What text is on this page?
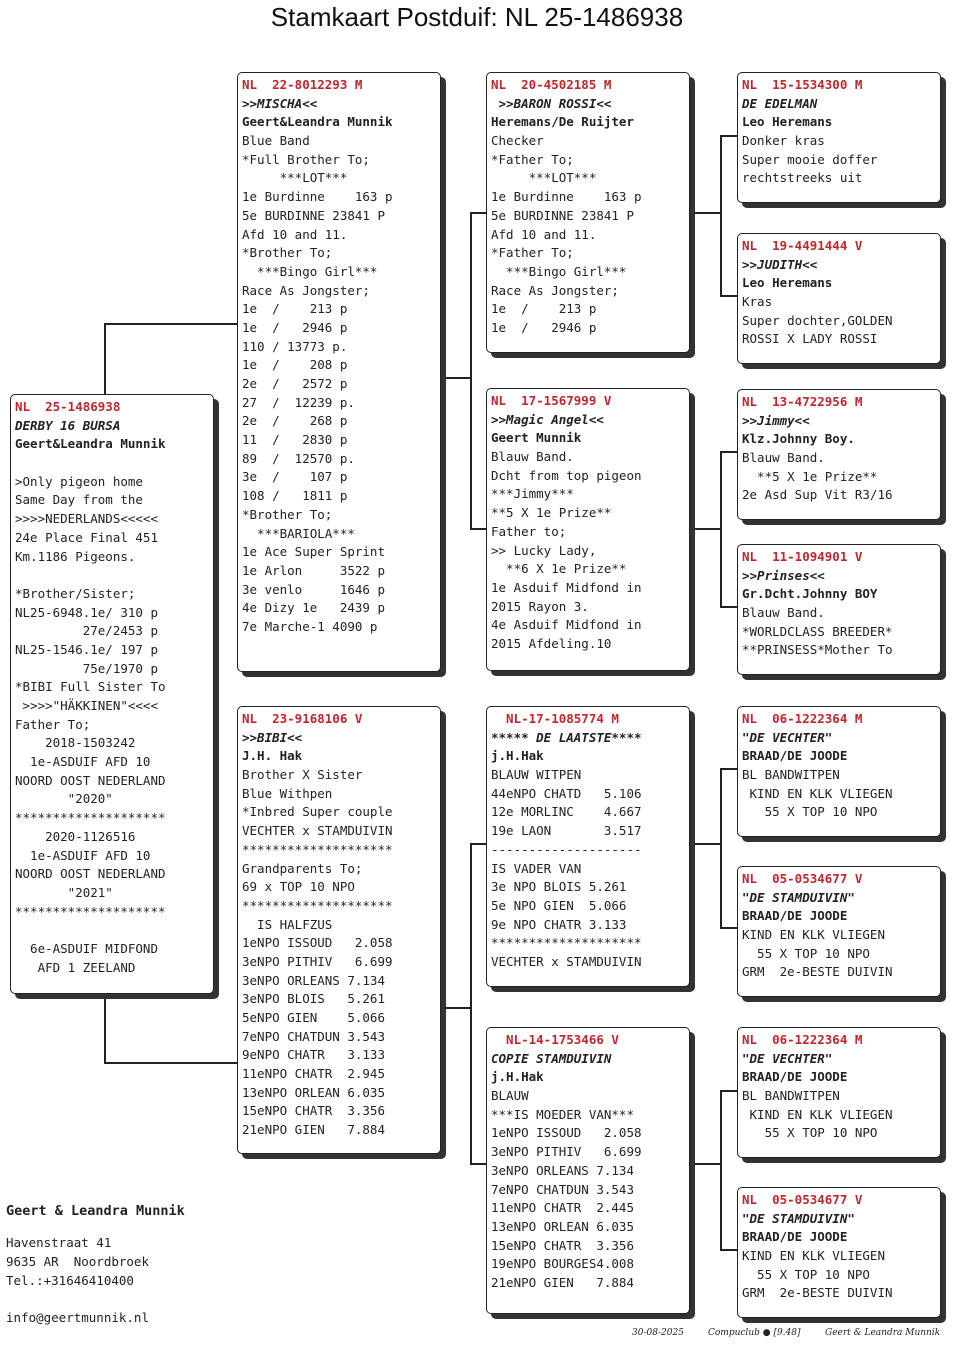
Stamkaart Postduif: NL 25-1486938
NL  25-1486938
DERBY 16 BURSA
Geert&Leandra Munnik
>Only pigeon home
Same Day from the
>>>>NEDERLANDS<<<<<
24e Place Final 451
Km.1186 Pigeons.
*Brother/Sister;
NL25-6948.1e/ 310 p
27e/2453 p
NL25-1546.1e/ 197 p
75e/1970 p
*BIBI Full Sister To
>>>>"HÄKKINEN"<<<<
Father To;
2018-1503242
1e-ASDUIF AFD 10
NOORD OOST NEDERLAND
"2020"
********************
2020-1126516
1e-ASDUIF AFD 10
NOORD OOST NEDERLAND
"2021"
********************
6e-ASDUIF MIDFOND
AFD 1 ZEELAND
NL  22-8012293 M
>>MISCHA<<
Geert&Leandra Munnik
Blue Band
*Full Brother To;
***LOT***
1e Burdinne    163 p
5e BURDINNE 23841 P
Afd 10 and 11.
*Brother To;
***Bingo Girl***
Race As Jongster;
1e  /    213 p
1e  /   2946 p
110 / 13773 p.
1e  /    208 p
2e  /   2572 p
27  /  12239 p.
2e  /    268 p
11  /   2830 p
89  /  12570 p.
3e  /    107 p
108 /   1811 p
*Brother To;
***BARIOLA***
1e Ace Super Sprint
1e Arlon     3522 p
3e venlo     1646 p
4e Dizy 1e   2439 p
7e Marche-1 4090 p
NL  23-9168106 V
>>BIBI<<
J.H. Hak
Brother X Sister
Blue Withpen
*Inbred Super couple
VECHTER x STAMDUIVIN
********************
Grandparents To;
69 x TOP 10 NPO
********************
IS HALFZUS
1eNPO ISSOUD   2.058
3eNPO PITHIV   6.699
3eNPO ORLEANS 7.134
3eNPO BLOIS   5.261
5eNPO GIEN    5.066
7eNPO CHATDUN 3.543
9eNPO CHATR   3.133
11eNPO CHATR  2.945
13eNPO ORLEAN 6.035
15eNPO CHATR  3.356
21eNPO GIEN   7.884
NL  20-4502185 M
>>BARON ROSSI<<
Heremans/De Ruijter
Checker
*Father To;
***LOT***
1e Burdinne    163 p
5e BURDINNE 23841 P
Afd 10 and 11.
*Father To;
***Bingo Girl***
Race As Jongster;
1e  /    213 p
1e  /   2946 p
NL  17-1567999 V
>>Magic Angel<<
Geert Munnik
Blauw Band.
Dcht from top pigeon
***Jimmy***
**5 X 1e Prize**
Father to;
>> Lucky Lady,
**6 X 1e Prize**
1e Asduif Midfond in
2015 Rayon 3.
4e Asduif Midfond in
2015 Afdeling.10
NL-17-1085774 M
***** DE LAATSTE****
j.H.Hak
BLAUW WITPEN
44eNPO CHATD   5.106
12e MORLINC    4.667
19e LAON       3.517
--------------------
IS VADER VAN
3e NPO BLOIS 5.261
5e NPO GIEN  5.066
9e NPO CHATR 3.133
********************
VECHTER x STAMDUIVIN
NL-14-1753466 V
COPIE STAMDUIVIN
j.H.Hak
BLAUW
***IS MOEDER VAN***
1eNPO ISSOUD   2.058
3eNPO PITHIV   6.699
3eNPO ORLEANS 7.134
7eNPO CHATDUN 3.543
11eNPO CHATR  2.445
13eNPO ORLEAN 6.035
15eNPO CHATR  3.356
19eNPO BOURGES4.008
21eNPO GIEN   7.884
NL  15-1534300 M
DE EDELMAN
Leo Heremans
Donker kras
Super mooie doffer
rechtstreeks uit
NL  19-4491444 V
>>JUDITH<<
Leo Heremans
Kras
Super dochter,GOLDEN
ROSSI X LADY ROSSI
NL  13-4722956 M
>>Jimmy<<
Klz.Johnny Boy.
Blauw Band.
**5 X 1e Prize**
2e Asd Sup Vit R3/16
NL  11-1094901 V
>>Prinses<<
Gr.Dcht.Johnny BOY
Blauw Band.
*WORLDCLASS BREEDER*
**PRINSESS*Mother To
NL  06-1222364 M
"DE VECHTER"
BRAAD/DE JOODE
BL BANDWITPEN
KIND EN KLK VLIEGEN
55 X TOP 10 NPO
NL  05-0534677 V
"DE STAMDUIVIN"
BRAAD/DE JOODE
KIND EN KLK VLIEGEN
55 X TOP 10 NPO
GRM  2e-BESTE DUIVIN
NL  06-1222364 M
"DE VECHTER"
BRAAD/DE JOODE
BL BANDWITPEN
KIND EN KLK VLIEGEN
55 X TOP 10 NPO
NL  05-0534677 V
"DE STAMDUIVIN"
BRAAD/DE JOODE
KIND EN KLK VLIEGEN
55 X TOP 10 NPO
GRM  2e-BESTE DUIVIN
Geert & Leandra Munnik
Havenstraat 41
9635 AR  Noordbroek
Tel.:+31646410400
info@geertmunnik.nl
30-08-2025	Compuclub ● [9.48]	Geert & Leandra Munnik
